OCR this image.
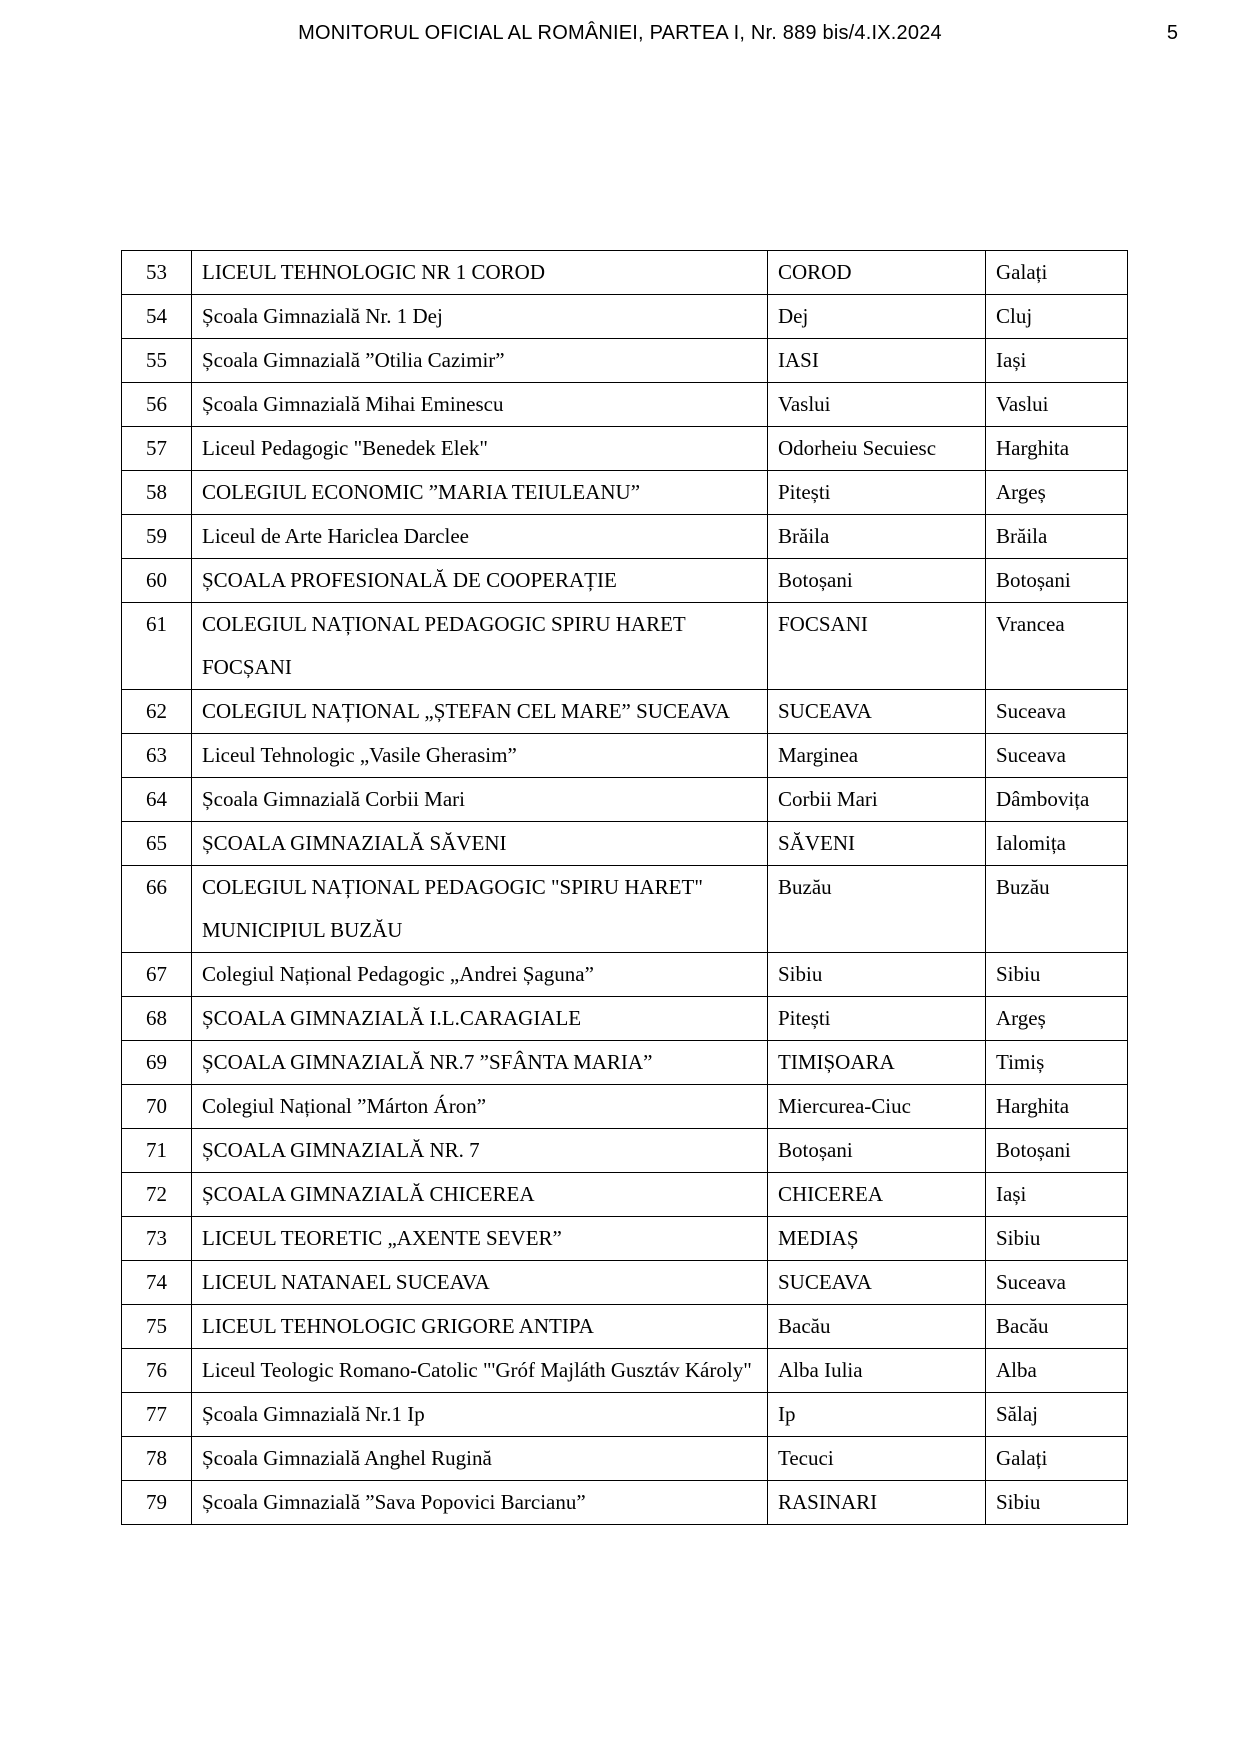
MONITORUL OFICIAL AL ROMÂNIEI, PARTEA I, Nr. 889 bis/4.IX.2024	5
53	LICEUL TEHNOLOGIC NR 1 COROD	COROD	Galați
54	Școala Gimnazială Nr. 1 Dej	Dej	Cluj
55	Școala Gimnazială ”Otilia Cazimir”	IASI	Iași
56	Școala Gimnazială Mihai Eminescu	Vaslui	Vaslui
57	Liceul Pedagogic "Benedek Elek"	Odorheiu Secuiesc	Harghita
58	COLEGIUL ECONOMIC ”MARIA TEIULEANU”	Pitești	Argeș
59	Liceul de Arte Hariclea Darclee	Brăila	Brăila
60	ȘCOALA PROFESIONALĂ DE COOPERAȚIE	Botoșani	Botoșani
61	COLEGIUL NAȚIONAL PEDAGOGIC SPIRU HARET FOCȘANI	FOCSANI	Vrancea
62	COLEGIUL NAȚIONAL „ȘTEFAN CEL MARE” SUCEAVA	SUCEAVA	Suceava
63	Liceul Tehnologic „Vasile Gherasim”	Marginea	Suceava
64	Școala Gimnazială Corbii Mari	Corbii Mari	Dâmbovița
65	ȘCOALA GIMNAZIALĂ SĂVENI	SĂVENI	Ialomița
66	COLEGIUL NAȚIONAL PEDAGOGIC "SPIRU HARET" MUNICIPIUL BUZĂU	Buzău	Buzău
67	Colegiul Național Pedagogic „Andrei Șaguna”	Sibiu	Sibiu
68	ȘCOALA GIMNAZIALĂ I.L.CARAGIALE	Pitești	Argeș
69	ȘCOALA GIMNAZIALĂ NR.7 ”SFÂNTA MARIA”	TIMIȘOARA	Timiș
70	Colegiul Național ”Márton Áron”	Miercurea-Ciuc	Harghita
71	ȘCOALA GIMNAZIALĂ NR. 7	Botoșani	Botoșani
72	ȘCOALA GIMNAZIALĂ CHICEREA	CHICEREA	Iași
73	LICEUL TEORETIC „AXENTE SEVER”	MEDIAȘ	Sibiu
74	LICEUL NATANAEL SUCEAVA	SUCEAVA	Suceava
75	LICEUL TEHNOLOGIC GRIGORE ANTIPA	Bacău	Bacău
76	Liceul Teologic Romano-Catolic "'Gróf Majláth Gusztáv Károly"	Alba Iulia	Alba
77	Școala Gimnazială Nr.1 Ip	Ip	Sălaj
78	Școala Gimnazială Anghel Rugină	Tecuci	Galați
79	Școala Gimnazială ”Sava Popovici Barcianu”	RASINARI	Sibiu
